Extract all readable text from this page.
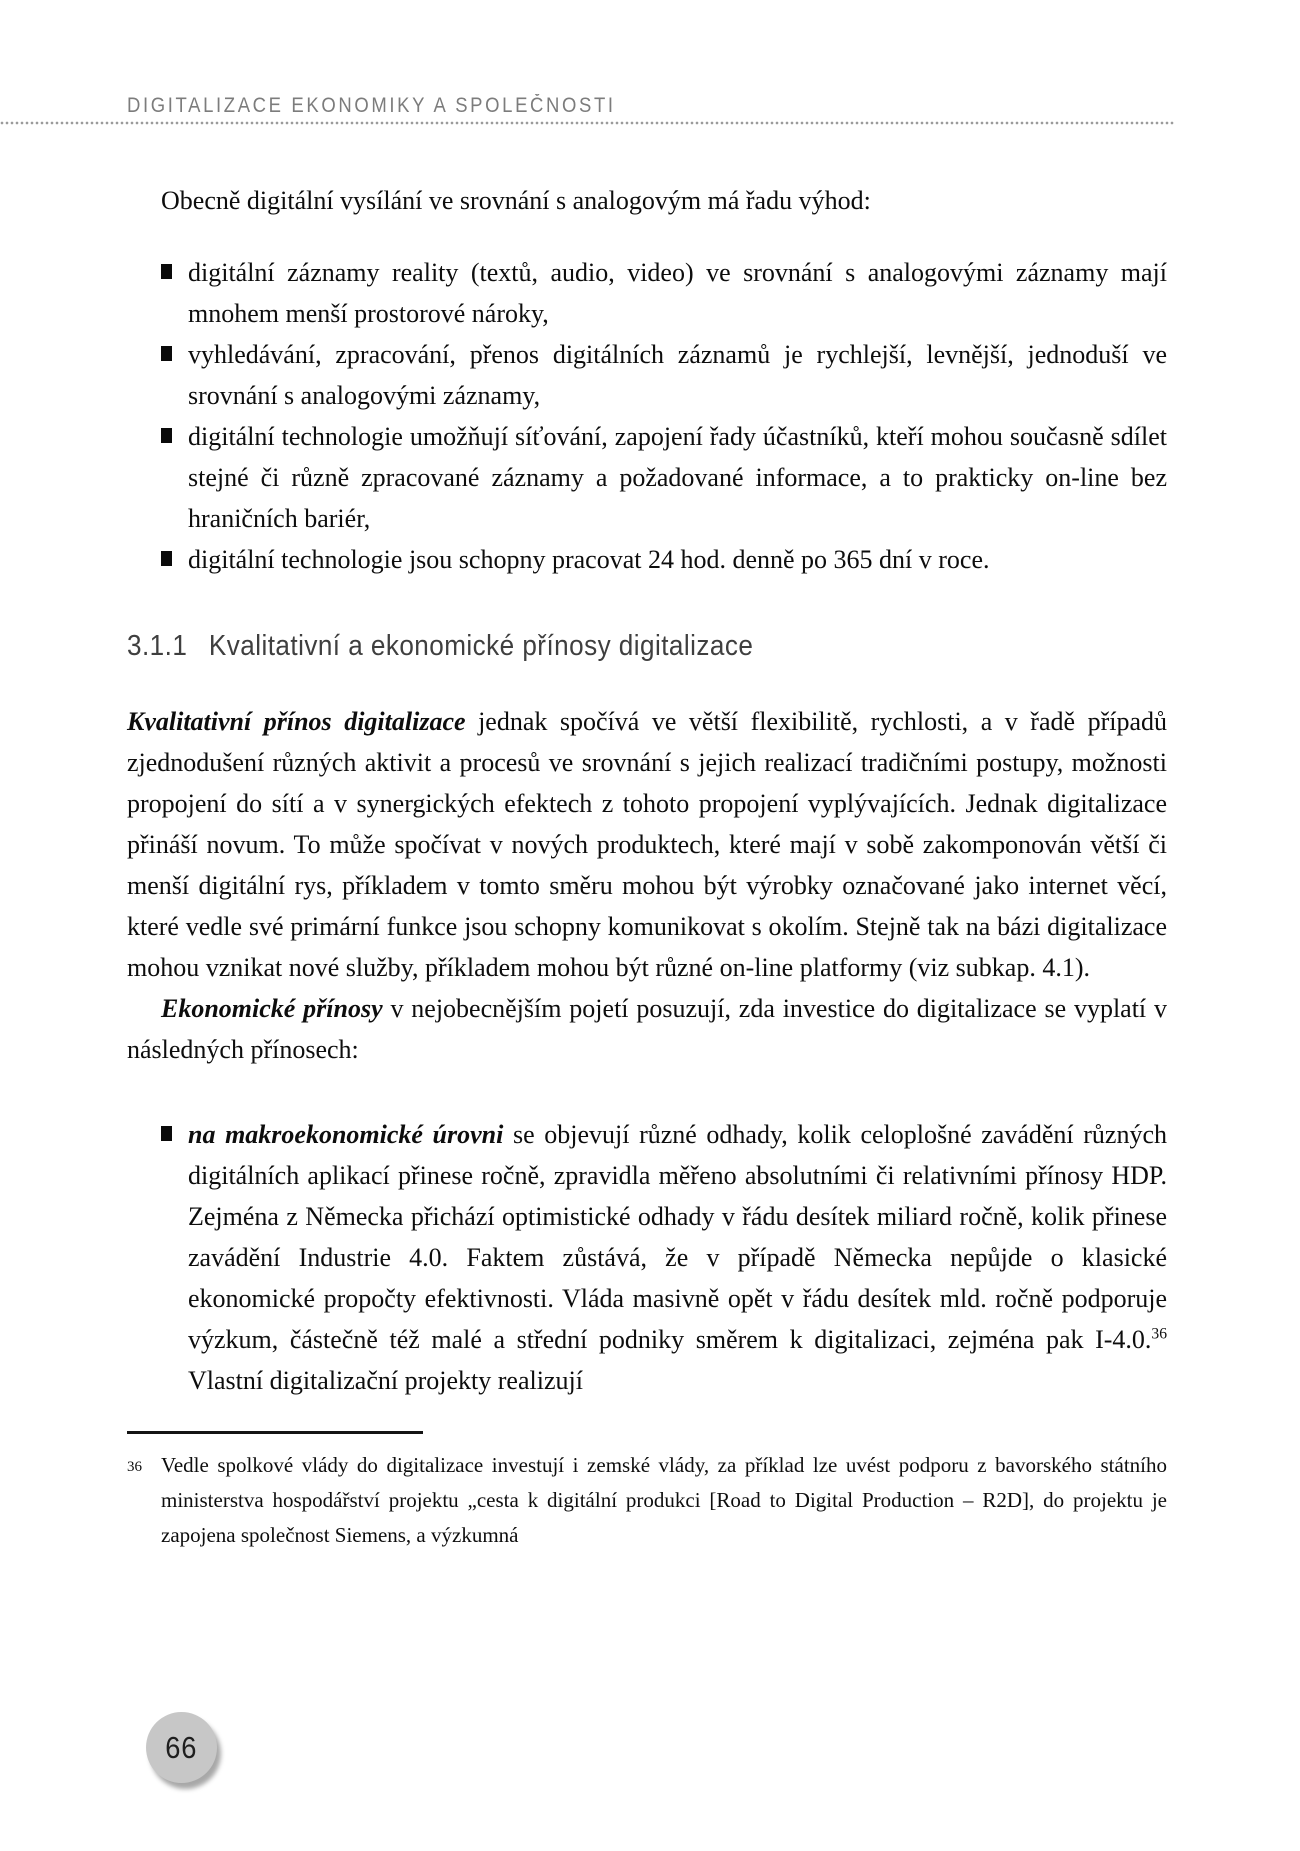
DIGITALIZACE EKONOMIKY A SPOLEČNOSTI

Obecně digitální vysílání ve srovnání s analogovým má řadu výhod:

digitální záznamy reality (textů, audio, video) ve srovnání s analogovými záznamy mají mnohem menší prostorové nároky,
vyhledávání, zpracování, přenos digitálních záznamů je rychlejší, levnější, jednoduší ve srovnání s analogovými záznamy,
digitální technologie umožňují síťování, zapojení řady účastníků, kteří mohou současně sdílet stejné či různě zpracované záznamy a požadované informace, a to prakticky on-line bez hraničních bariér,
digitální technologie jsou schopny pracovat 24 hod. denně po 365 dní v roce.
3.1.1 Kvalitativní a ekonomické přínosy digitalizace

Kvalitativní přínos digitalizace jednak spočívá ve větší flexibilitě, rychlosti, a v řadě případů zjednodušení různých aktivit a procesů ve srovnání s jejich realizací tradičními postupy, možnosti propojení do sítí a v synergických efektech z tohoto propojení vyplývajících. Jednak digitalizace přináší novum. To může spočívat v nových produktech, které mají v sobě zakomponován větší či menší digitální rys, příkladem v tomto směru mohou být výrobky označované jako internet věcí, které vedle své primární funkce jsou schopny komunikovat s okolím. Stejně tak na bázi digitalizace mohou vznikat nové služby, příkladem mohou být různé on-line platformy (viz subkap. 4.1).

Ekonomické přínosy v nejobecnějším pojetí posuzují, zda investice do digitalizace se vyplatí v následných přínosech:

na makroekonomické úrovni se objevují různé odhady, kolik celoplošné zavádění různých digitálních aplikací přinese ročně, zpravidla měřeno absolutními či relativními přínosy HDP. Zejména z Německa přichází optimistické odhady v řádu desítek miliard ročně, kolik přinese zavádění Industrie 4.0. Faktem zůstává, že v případě Německa nepůjde o klasické ekonomické propočty efektivnosti. Vláda masivně opět v řádu desítek mld. ročně podporuje výzkum, částečně též malé a střední podniky směrem k digitalizaci, zejména pak I-4.0.36 Vlastní digitalizační projekty realizují
36 Vedle spolkové vlády do digitalizace investují i zemské vlády, za příklad lze uvést podporu z bavorského státního ministerstva hospodářství projektu „cesta k digitální produkci [Road to Digital Production – R2D], do projektu je zapojena společnost Siemens, a výzkumná
66
